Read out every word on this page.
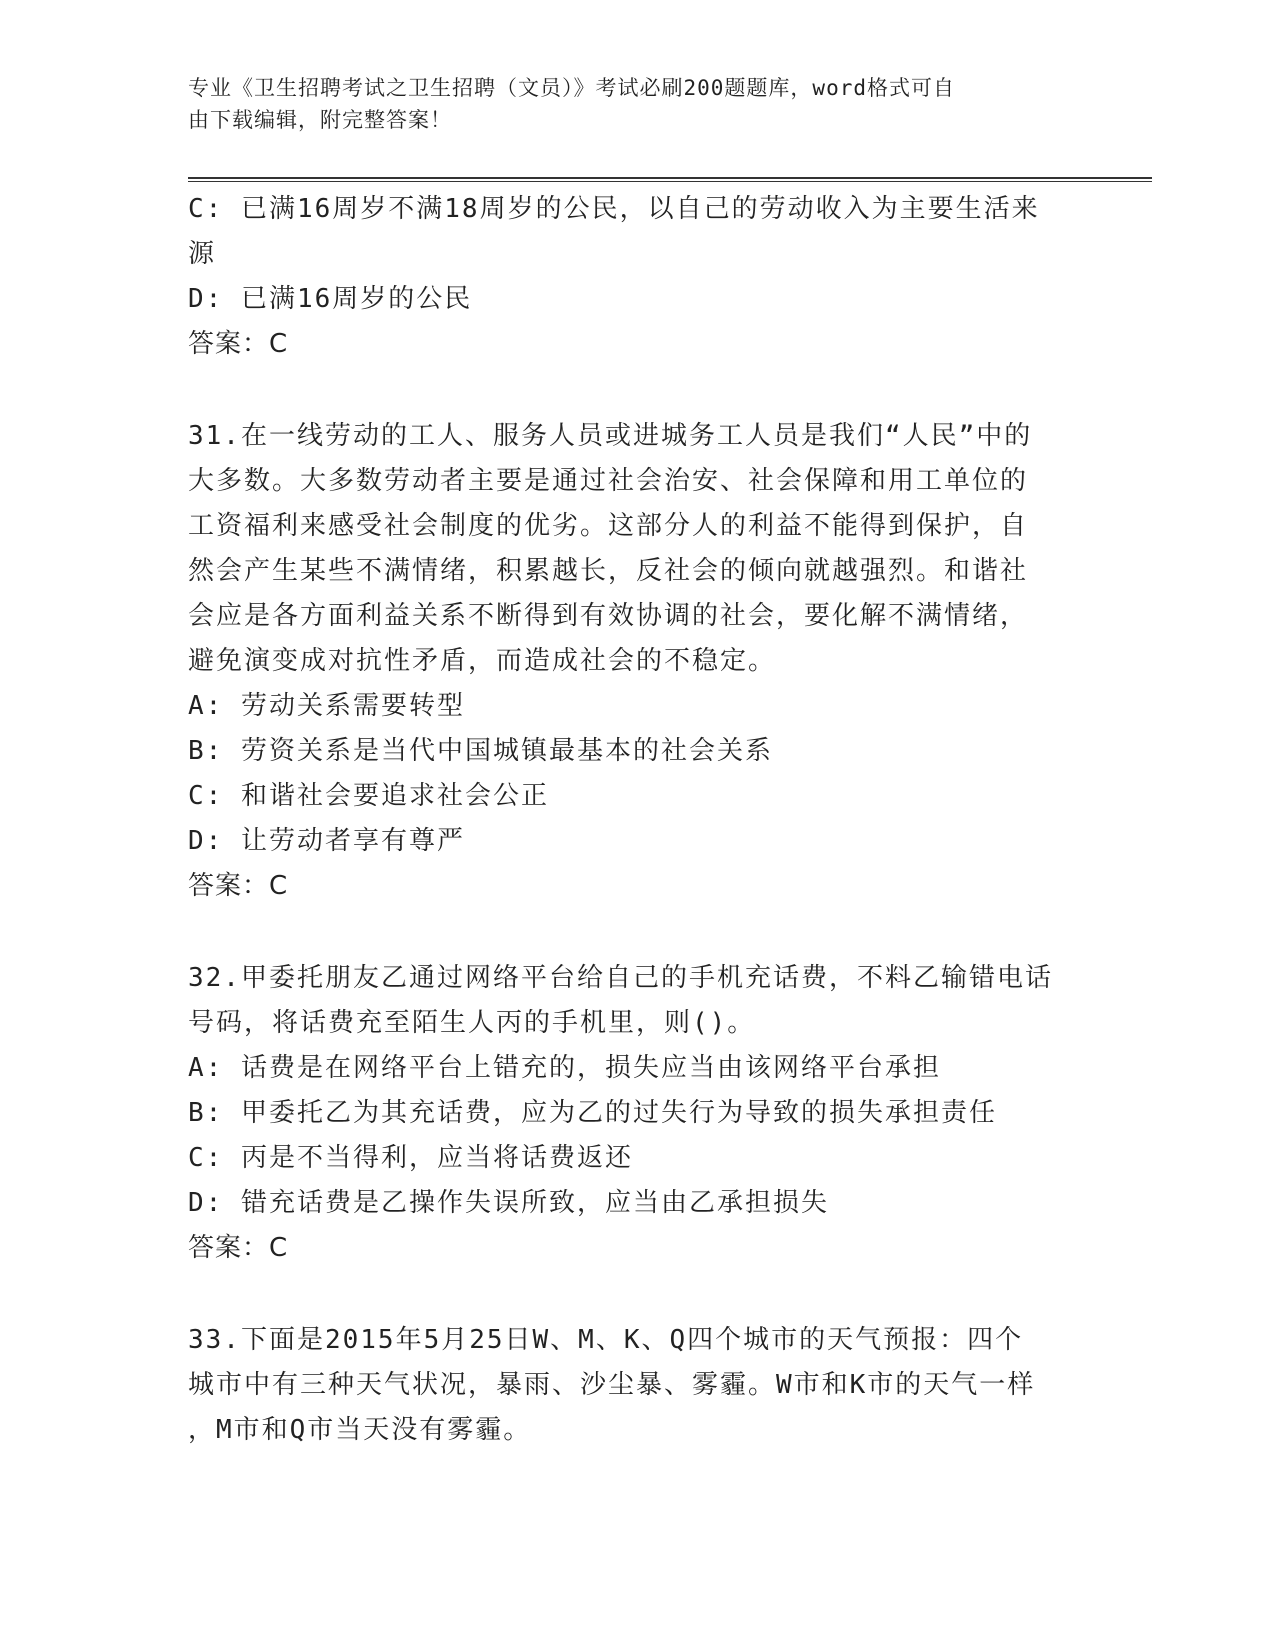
专业《卫生招聘考试之卫生招聘（文员）》考试必刷200题题库，word格式可自
由下载编辑，附完整答案！

C: 已满16周岁不满18周岁的公民，以自己的劳动收入为主要生活来

源

D: 已满16周岁的公民

答案：C

31.在一线劳动的工人、服务人员或进城务工人员是我们“人民”中的

大多数。大多数劳动者主要是通过社会治安、社会保障和用工单位的

工资福利来感受社会制度的优劣。这部分人的利益不能得到保护，自

然会产生某些不满情绪，积累越长，反社会的倾向就越强烈。和谐社

会应是各方面利益关系不断得到有效协调的社会，要化解不满情绪，

避免演变成对抗性矛盾，而造成社会的不稳定。

A: 劳动关系需要转型

B: 劳资关系是当代中国城镇最基本的社会关系

C: 和谐社会要追求社会公正

D: 让劳动者享有尊严

答案：C

32.甲委托朋友乙通过网络平台给自己的手机充话费，不料乙输错电话

号码，将话费充至陌生人丙的手机里，则()。

A: 话费是在网络平台上错充的，损失应当由该网络平台承担

B: 甲委托乙为其充话费，应为乙的过失行为导致的损失承担责任

C: 丙是不当得利，应当将话费返还

D: 错充话费是乙操作失误所致，应当由乙承担损失

答案：C

33.下面是2015年5月25日W、M、K、Q四个城市的天气预报：四个

城市中有三种天气状况，暴雨、沙尘暴、雾霾。W市和K市的天气一样

，M市和Q市当天没有雾霾。
